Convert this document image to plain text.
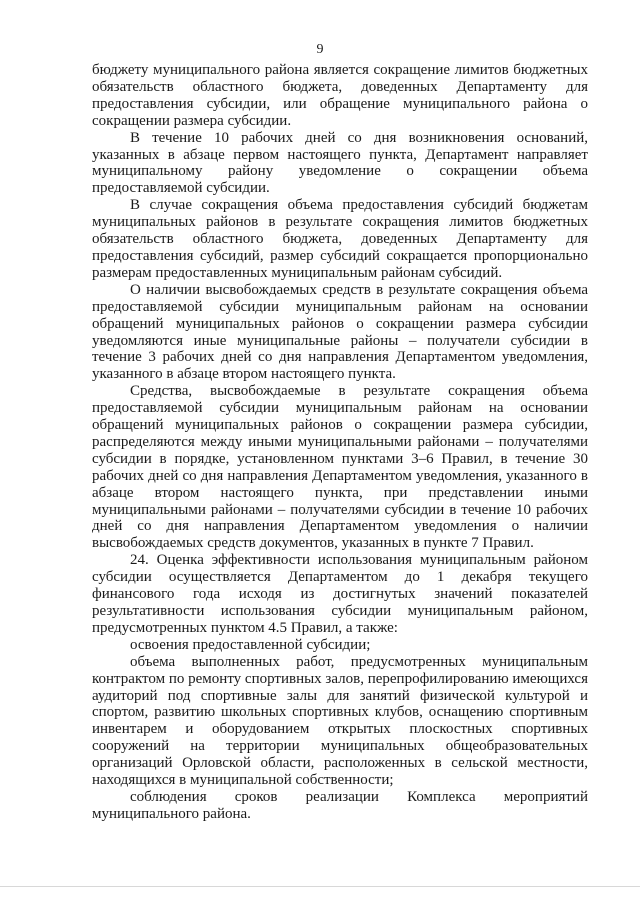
9

бюджету муниципального района является сокращение лимитов бюджетных обязательств областного бюджета, доведенных Департаменту для предоставления субсидии, или обращение муниципального района о сокращении размера субсидии.

В течение 10 рабочих дней со дня возникновения оснований, указанных в абзаце первом настоящего пункта, Департамент направляет муниципальному району уведомление о сокращении объема предоставляемой субсидии.

В случае сокращения объема предоставления субсидий бюджетам муниципальных районов в результате сокращения лимитов бюджетных обязательств областного бюджета, доведенных Департаменту для предоставления субсидий, размер субсидий сокращается пропорционально размерам предоставленных муниципальным районам субсидий.

О наличии высвобождаемых средств в результате сокращения объема предоставляемой субсидии муниципальным районам на основании обращений муниципальных районов о сокращении размера субсидии уведомляются иные муниципальные районы – получатели субсидии в течение 3 рабочих дней со дня направления Департаментом уведомления, указанного в абзаце втором настоящего пункта.

Средства, высвобождаемые в результате сокращения объема предоставляемой субсидии муниципальным районам на основании обращений муниципальных районов о сокращении размера субсидии, распределяются между иными муниципальными районами – получателями субсидии в порядке, установленном пунктами 3–6 Правил, в течение 30 рабочих дней со дня направления Департаментом уведомления, указанного в абзаце втором настоящего пункта, при представлении иными муниципальными районами – получателями субсидии в течение 10 рабочих дней со дня направления Департаментом уведомления о наличии высвобождаемых средств документов, указанных в пункте 7 Правил.

24. Оценка эффективности использования муниципальным районом субсидии осуществляется Департаментом до 1 декабря текущего финансового года исходя из достигнутых значений показателей результативности использования субсидии муниципальным районом, предусмотренных пунктом 4.5 Правил, а также:

освоения предоставленной субсидии;

объема выполненных работ, предусмотренных муниципальным контрактом по ремонту спортивных залов, перепрофилированию имеющихся аудиторий под спортивные залы для занятий физической культурой и спортом, развитию школьных спортивных клубов, оснащению спортивным инвентарем и оборудованием открытых плоскостных спортивных сооружений на территории муниципальных общеобразовательных организаций Орловской области, расположенных в сельской местности, находящихся в муниципальной собственности;

соблюдения сроков реализации Комплекса мероприятий муниципального района.
